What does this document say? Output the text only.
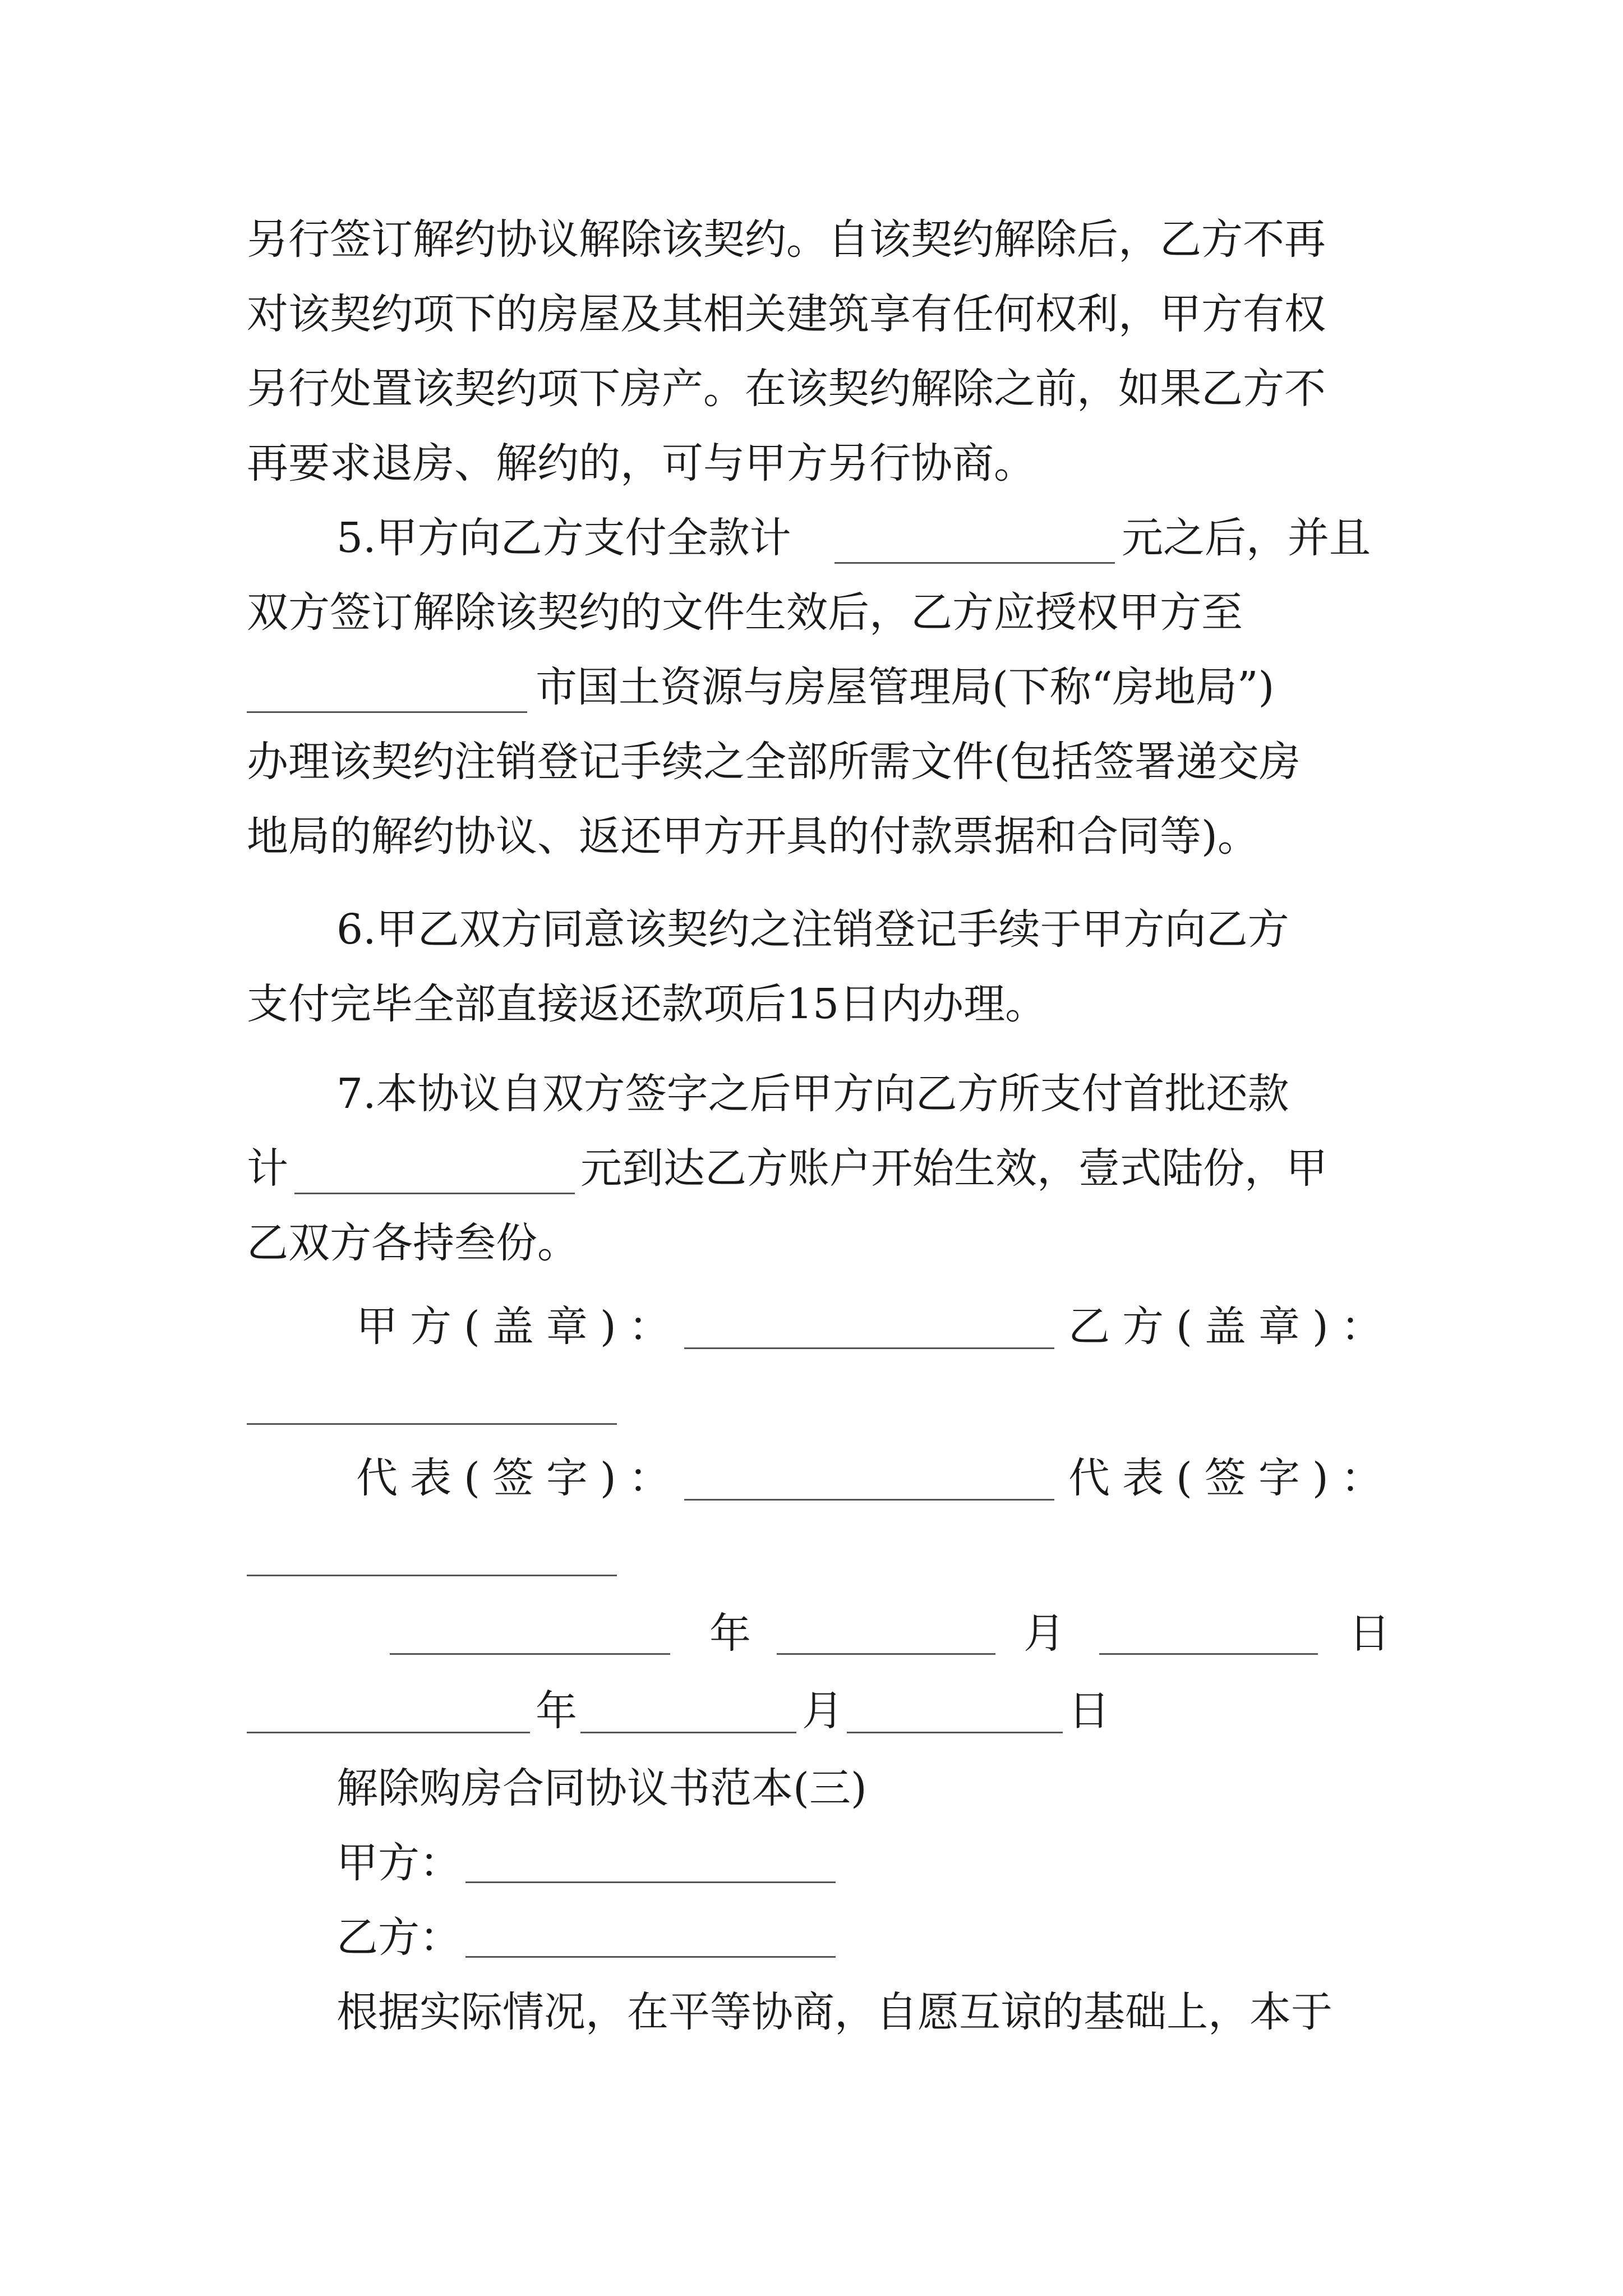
另行签订解约协议解除该契约。自该契约解除后，乙方不再
对该契约项下的房屋及其相关建筑享有任何权利，甲方有权
另行处置该契约项下房产。在该契约解除之前，如果乙方不
再要求退房、解约的，可与甲方另行协商。
5.甲方向乙方支付全款计	元之后，并且
双方签订解除该契约的文件生效后，乙方应授权甲方至
市国土资源与房屋管理局(下称“房地局”)
办理该契约注销登记手续之全部所需文件(包括签署递交房
地局的解约协议、返还甲方开具的付款票据和合同等)。
6.甲乙双方同意该契约之注销登记手续于甲方向乙方
支付完毕全部直接返还款项后15日内办理。
7.本协议自双方签字之后甲方向乙方所支付首批还款
计	元到达乙方账户开始生效，壹式陆份，甲
乙双方各持叁份。
甲方(盖章)：	乙方(盖章)：
代表(签字)：	代表(签字)：
年	月	日
年	月	日
解除购房合同协议书范本(三)
甲方：
乙方：
根据实际情况，在平等协商，自愿互谅的基础上，本于
